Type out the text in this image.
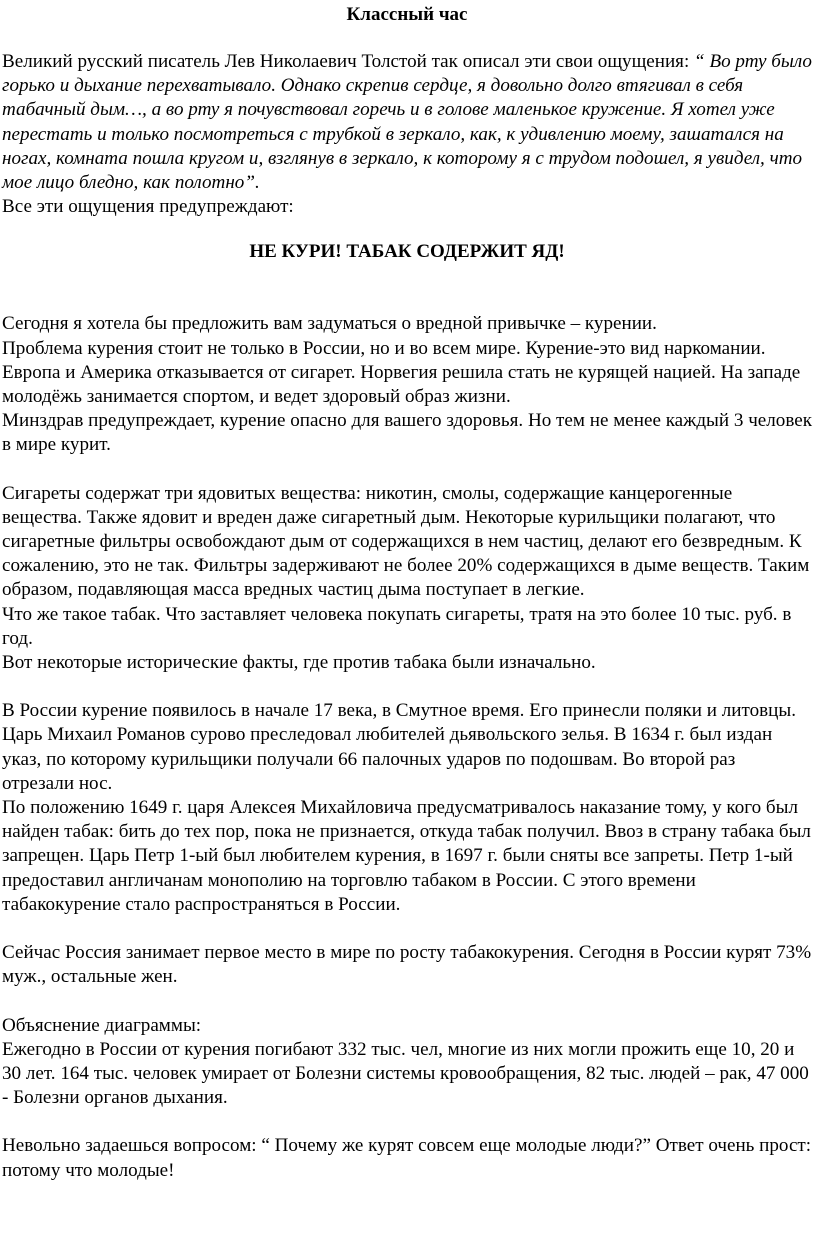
Классный час

Великий русский писатель Лев Николаевич Толстой так описал эти свои ощущения: “ Во рту было горько и дыхание перехватывало. Однако скрепив сердце, я довольно долго втягивал в себя табачный дым…, а во рту я почувствовал горечь и в голове маленькое кружение. Я хотел уже перестать и только посмотреться с трубкой в зеркало, как, к удивлению моему, зашатался на ногах, комната пошла кругом и, взглянув в зеркало, к которому я с трудом подошел, я увидел, что мое лицо бледно, как полотно”.

Все эти ощущения предупреждают:

НЕ КУРИ! ТАБАК СОДЕРЖИТ ЯД!

Сегодня я хотела бы предложить вам задуматься о вредной привычке – курении.

Проблема курения стоит не только в России, но и во всем мире. Курение-это вид наркомании.

Европа и Америка отказывается от сигарет. Норвегия решила стать не курящей нацией. На западе молодёжь занимается спортом, и ведет здоровый образ жизни.

Минздрав предупреждает, курение опасно для вашего здоровья. Но тем не менее каждый 3 человек в мире курит.

Сигареты содержат три ядовитых вещества: никотин, смолы, содержащие канцерогенные вещества. Также ядовит и вреден даже сигаретный дым. Некоторые курильщики полагают, что сигаретные фильтры освобождают дым от содержащихся в нем частиц, делают его безвредным. К сожалению, это не так. Фильтры задерживают не более 20% содержащихся в дыме веществ. Таким образом, подавляющая масса вредных частиц дыма поступает в легкие.

Что же такое табак. Что заставляет человека покупать сигареты, тратя на это более 10 тыс. руб. в год.

Вот некоторые исторические факты, где против табака были изначально.

В России курение появилось в начале 17 века, в Смутное время. Его принесли поляки и литовцы. Царь Михаил Романов сурово преследовал любителей дьявольского зелья. В 1634 г. был издан указ, по которому курильщики получали 66 палочных ударов по подошвам. Во второй раз отрезали нос.

По положению 1649 г. царя Алексея Михайловича предусматривалось наказание тому, у кого был найден табак: бить до тех пор, пока не признается, откуда табак получил. Ввоз в страну табака был запрещен. Царь Петр 1-ый был любителем курения, в 1697 г. были сняты все запреты. Петр 1-ый предоставил англичанам монополию на торговлю табаком в России. С этого времени табакокурение стало распространяться в России.

Сейчас Россия занимает первое место в мире по росту табакокурения. Сегодня в России курят 73% муж., остальные жен.

Объяснение диаграммы:

Ежегодно в России от курения погибают 332 тыс. чел, многие из них могли прожить еще 10, 20 и 30 лет. 164 тыс. человек умирает от Болезни системы кровообращения, 82 тыс. людей – рак, 47 000 - Болезни органов дыхания.

Невольно задаешься вопросом: “ Почему же курят совсем еще молодые люди?” Ответ очень прост: потому что молодые!
